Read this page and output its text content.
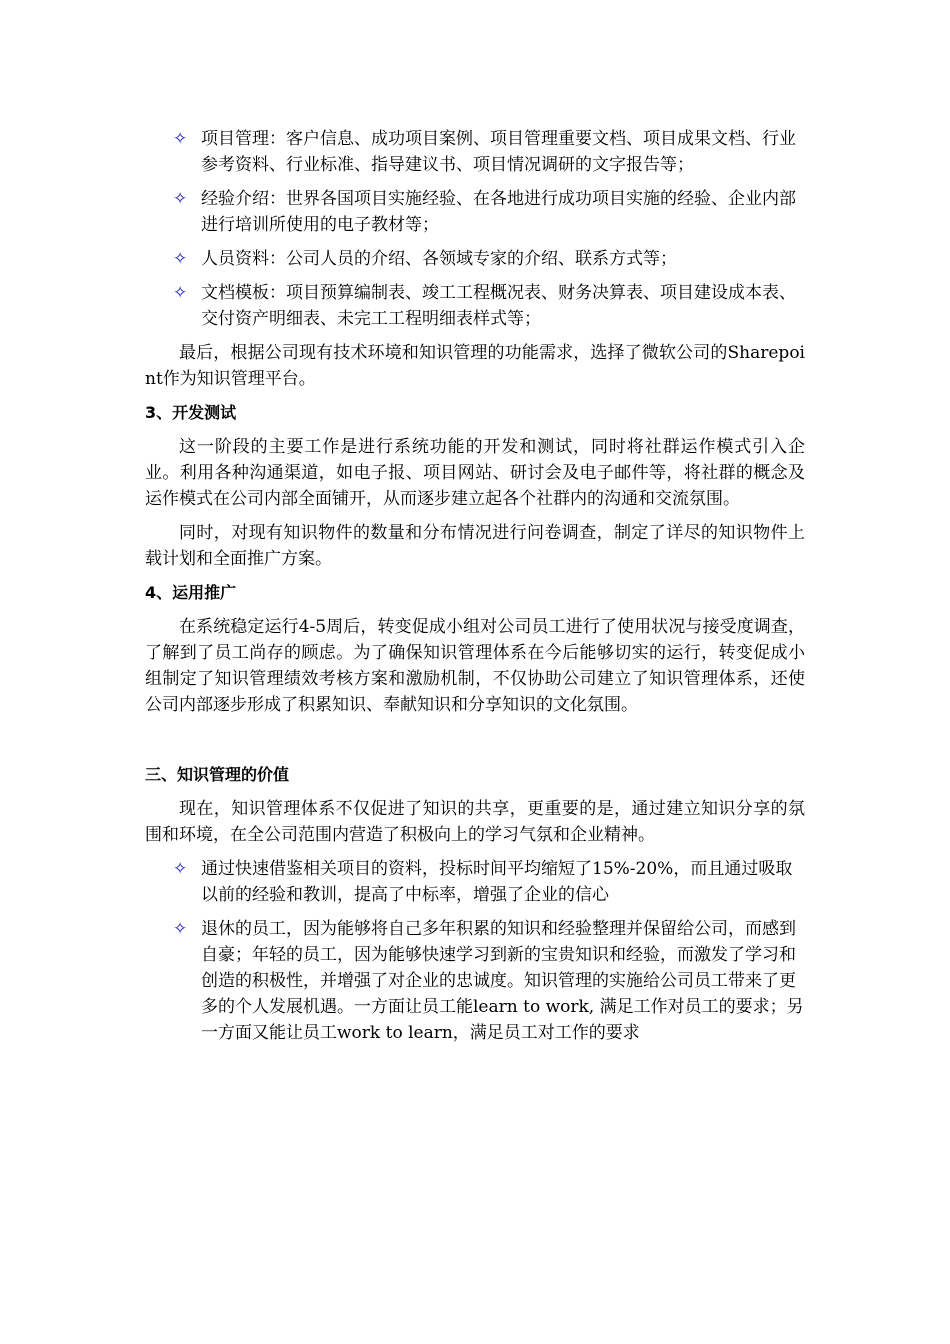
✧ 项目管理：客户信息、成功项目案例、项目管理重要文档、项目成果文档、行业参考资料、行业标准、指导建议书、项目情况调研的文字报告等；
✧ 经验介绍：世界各国项目实施经验、在各地进行成功项目实施的经验、企业内部进行培训所使用的电子教材等；
✧ 人员资料：公司人员的介绍、各领域专家的介绍、联系方式等；
✧ 文档模板：项目预算编制表、竣工工程概况表、财务决算表、项目建设成本表、交付资产明细表、未完工工程明细表样式等；

最后，根据公司现有技术环境和知识管理的功能需求，选择了微软公司的Sharepoint作为知识管理平台。

3、开发测试

这一阶段的主要工作是进行系统功能的开发和测试，同时将社群运作模式引入企业。利用各种沟通渠道，如电子报、项目网站、研讨会及电子邮件等，将社群的概念及运作模式在公司内部全面铺开，从而逐步建立起各个社群内的沟通和交流氛围。

同时，对现有知识物件的数量和分布情况进行问卷调查，制定了详尽的知识物件上载计划和全面推广方案。

4、运用推广

在系统稳定运行4-5周后，转变促成小组对公司员工进行了使用状况与接受度调查，了解到了员工尚存的顾虑。为了确保知识管理体系在今后能够切实的运行，转变促成小组制定了知识管理绩效考核方案和激励机制，不仅协助公司建立了知识管理体系，还使公司内部逐步形成了积累知识、奉献知识和分享知识的文化氛围。

三、知识管理的价值

现在，知识管理体系不仅促进了知识的共享，更重要的是，通过建立知识分享的氛围和环境，在全公司范围内营造了积极向上的学习气氛和企业精神。

✧ 通过快速借鉴相关项目的资料，投标时间平均缩短了15%-20%，而且通过吸取以前的经验和教训，提高了中标率，增强了企业的信心
✧ 退休的员工，因为能够将自己多年积累的知识和经验整理并保留给公司，而感到自豪；年轻的员工，因为能够快速学习到新的宝贵知识和经验，而激发了学习和创造的积极性，并增强了对企业的忠诚度。知识管理的实施给公司员工带来了更多的个人发展机遇。一方面让员工能learn to work, 满足工作对员工的要求；另一方面又能让员工work to learn，满足员工对工作的要求
